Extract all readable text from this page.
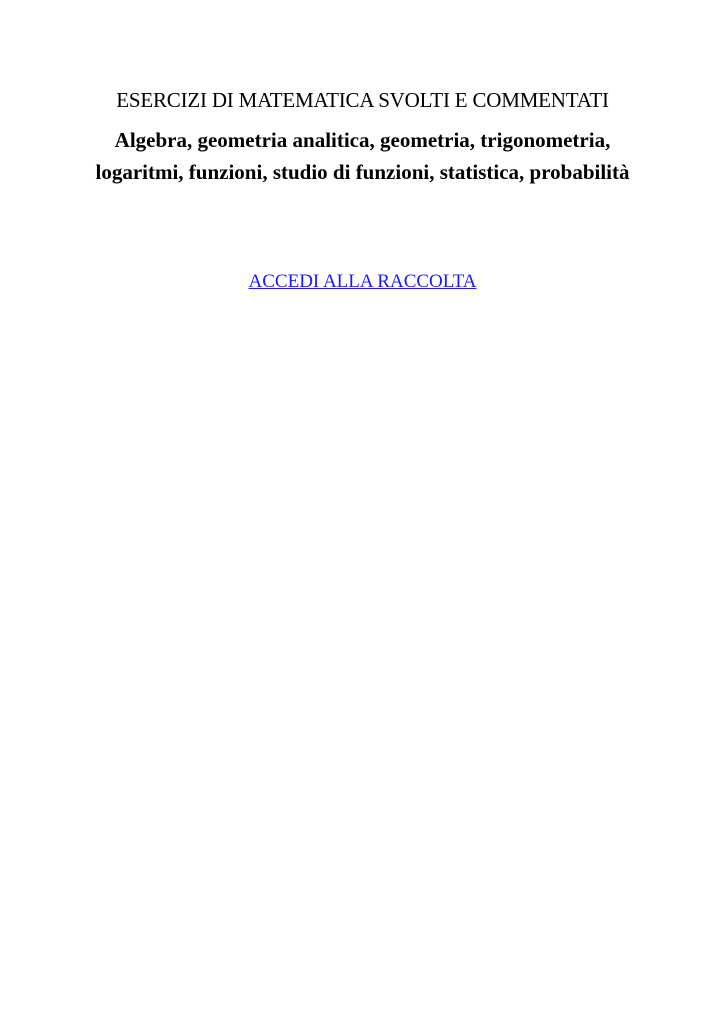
ESERCIZI DI MATEMATICA SVOLTI E COMMENTATI
Algebra, geometria analitica, geometria, trigonometria,
logaritmi, funzioni, studio di funzioni, statistica, probabilità
ACCEDI ALLA RACCOLTA
